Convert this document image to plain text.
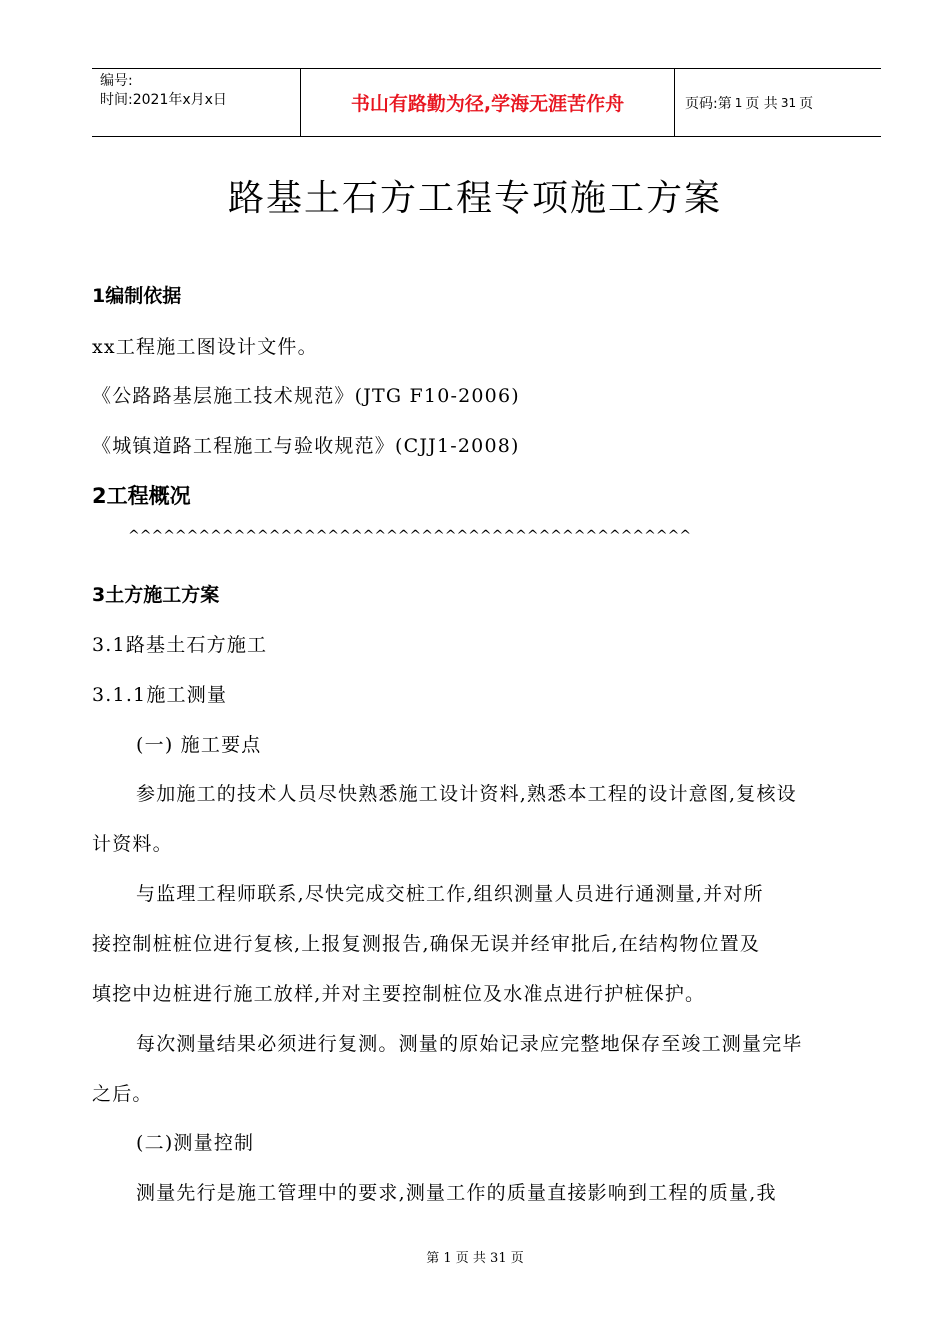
编号:
时间:2021年x月x日	书山有路勤为径,学海无涯苦作舟	页码:第 1 页 共 31 页
路基土石方工程专项施工方案
1编制依据
xx工程施工图设计文件。
《公路路基层施工技术规范》(JTG F10-2006)
《城镇道路工程施工与验收规范》(CJJ1-2008)
2工程概况
^^^^^^^^^^^^^^^^^^^^^^^^^^^^^^^^^^^^^^^^^^^^^^^^
3土方施工方案
3.1路基土石方施工
3.1.1施工测量
(一) 施工要点
参加施工的技术人员尽快熟悉施工设计资料,熟悉本工程的设计意图,复核设
计资料。
与监理工程师联系,尽快完成交桩工作,组织测量人员进行通测量,并对所
接控制桩桩位进行复核,上报复测报告,确保无误并经审批后,在结构物位置及
填挖中边桩进行施工放样,并对主要控制桩位及水准点进行护桩保护。
每次测量结果必须进行复测。测量的原始记录应完整地保存至竣工测量完毕
之后。
(二)测量控制
测量先行是施工管理中的要求,测量工作的质量直接影响到工程的质量,我
第 1 页 共 31 页
